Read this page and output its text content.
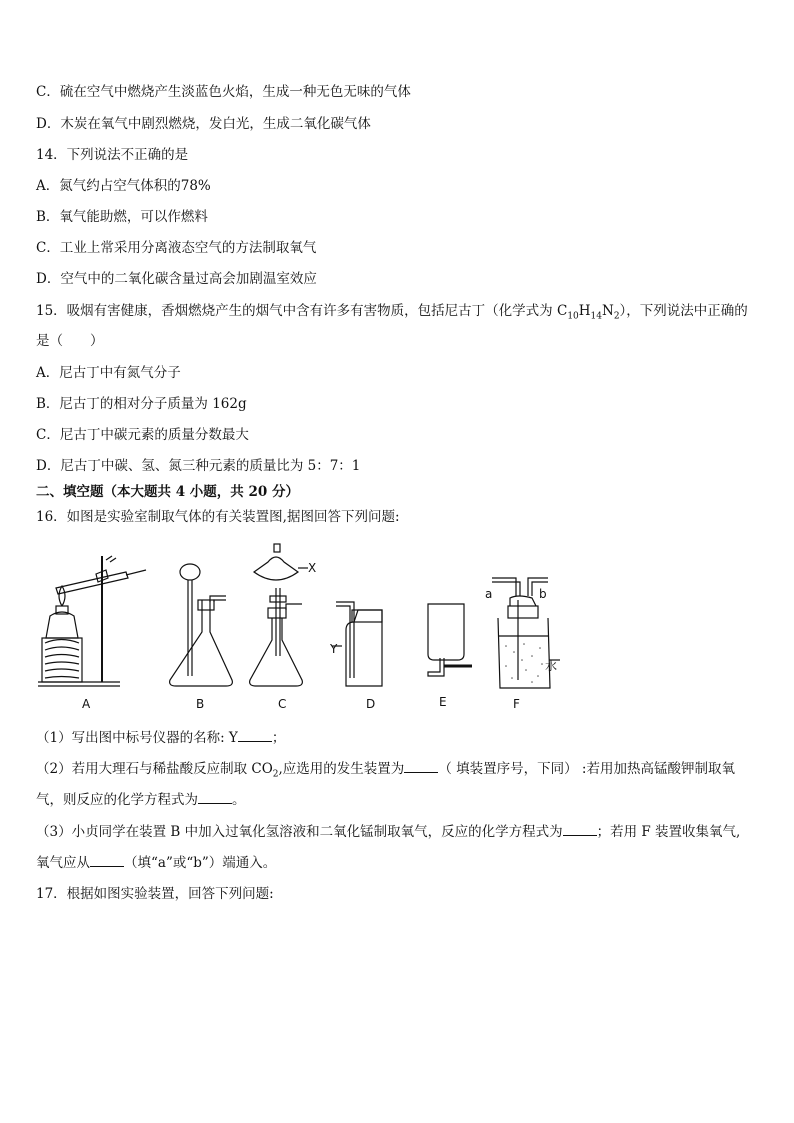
C．硫在空气中燃烧产生淡蓝色火焰，生成一种无色无味的气体
D．木炭在氧气中剧烈燃烧，发白光，生成二氧化碳气体
14．下列说法不正确的是
A．氮气约占空气体积的78%
B．氧气能助燃，可以作燃料
C．工业上常采用分离液态空气的方法制取氧气
D．空气中的二氧化碳含量过高会加剧温室效应
15．吸烟有害健康，香烟燃烧产生的烟气中含有许多有害物质，包括尼古丁（化学式为 $C_{10}H_{14}N_2$），下列说法中正确的
是（　　）
A．尼古丁中有氮气分子
B．尼古丁的相对分子质量为 162g
C．尼古丁中碳元素的质量分数最大
D．尼古丁中碳、氢、氮三种元素的质量比为 5：7：1
二、填空题（本大题共 4 小题，共 20 分）
16．如图是实验室制取气体的有关装置图,据图回答下列问题:
A	B	C	D	E	F
X
Y
a	b
水
（1）写出图中标号仪器的名称: Y	；
（2）若用大理石与稀盐酸反应制取 $CO_2$,应选用的发生装置为	（ 填装置序号，下同） :若用加热高锰酸钾制取氧
气，则反应的化学方程式为	。
（3）小贞同学在装置 B 中加入过氧化氢溶液和二氧化锰制取氧气，反应的化学方程式为	；若用 F 装置收集氧气,
氧气应从	（填“a”或“b”）端通入。
17．根据如图实验装置，回答下列问题:
